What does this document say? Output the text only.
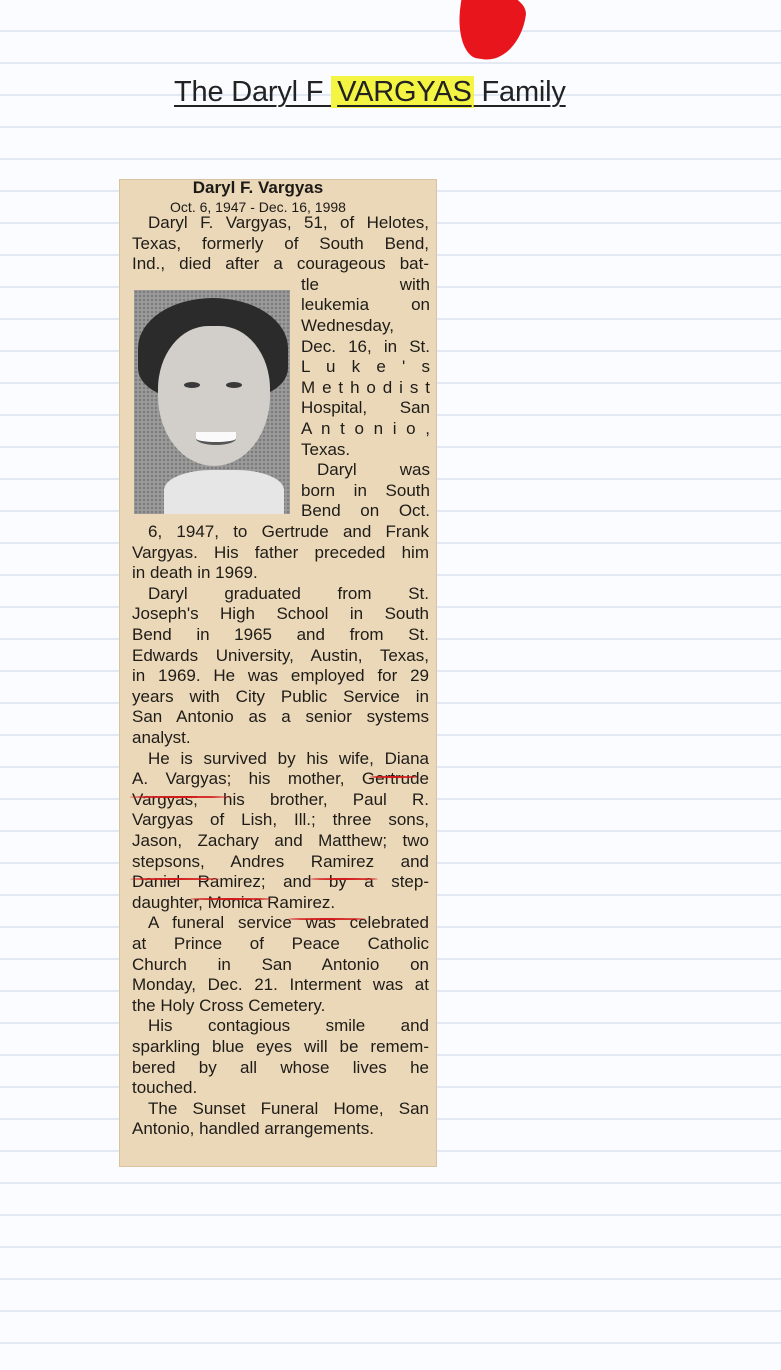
The Daryl F VARGYAS Family
Daryl F. Vargyas
Oct. 6, 1947 - Dec. 16, 1998
Daryl F. Vargyas, 51, of Helotes,
Texas, formerly of South Bend,
Ind., died after a courageous bat-
tle with
leukemia on
Wednesday,
Dec. 16, in St.
L u k e ' s
M e t h o d i s t
Hospital, San
A n t o n i o ,
Texas.
Daryl was
born in South
Bend on Oct.
6, 1947, to Gertrude and Frank
Vargyas. His father preceded him
in death in 1969.
Daryl graduated from St.
Joseph's High School in South
Bend in 1965 and from St.
Edwards University, Austin, Texas,
in 1969. He was employed for 29
years with City Public Service in
San Antonio as a senior systems
analyst.
He is survived by his wife, Diana
A. Vargyas; his mother, Gertrude
Vargyas; his brother, Paul R.
Vargyas of Lish, Ill.; three sons,
Jason, Zachary and Matthew; two
stepsons, Andres Ramirez and
Daniel Ramirez; and by a step-
daughter, Monica Ramirez.
A funeral service was celebrated
at Prince of Peace Catholic
Church in San Antonio on
Monday, Dec. 21. Interment was at
the Holy Cross Cemetery.
His contagious smile and
sparkling blue eyes will be remem-
bered by all whose lives he
touched.
The Sunset Funeral Home, San
Antonio, handled arrangements.
